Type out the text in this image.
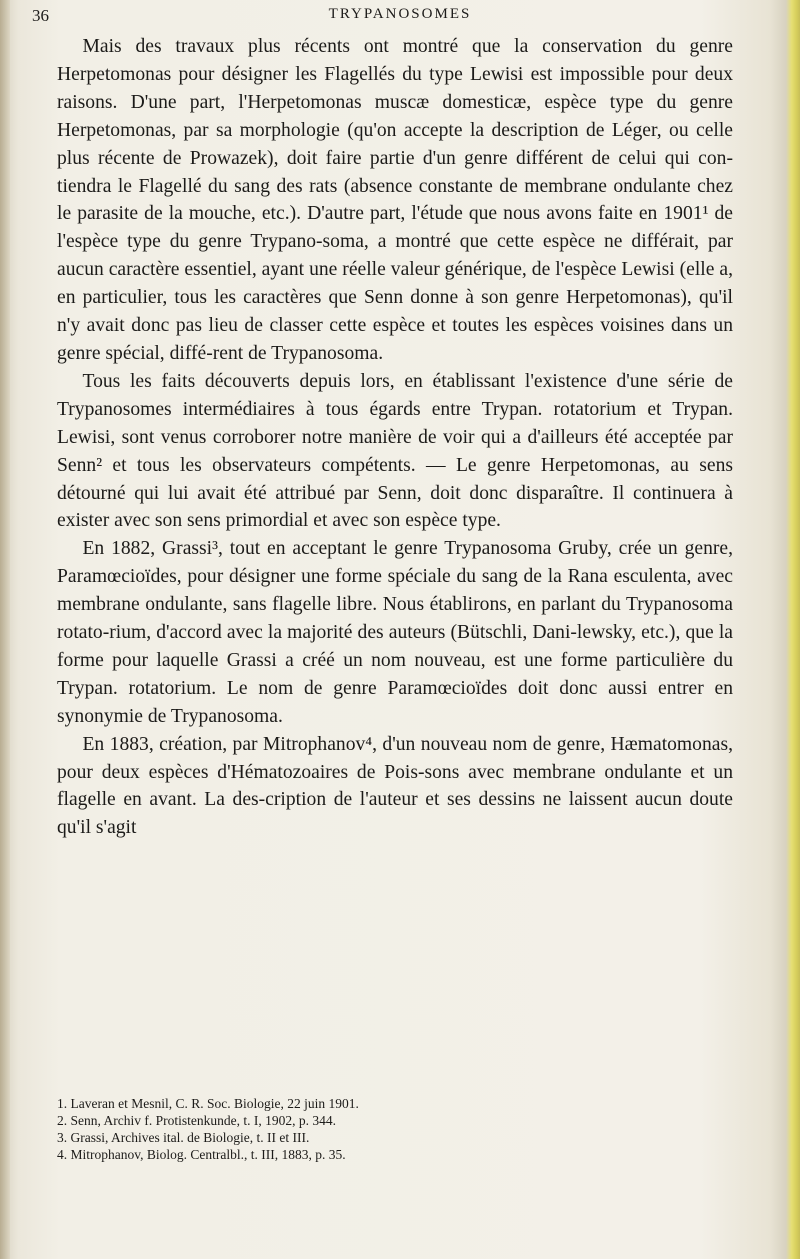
36	TRYPANOSOMES

Mais des travaux plus récents ont montré que la conservation du genre Herpetomonas pour désigner les Flagellés du type Lewisi est impossible pour deux raisons. D'une part, l'Herpetomonas muscæ domesticæ, espèce type du genre Herpetomonas, par sa morphologie (qu'on accepte la description de Léger, ou celle plus récente de Prowazek), doit faire partie d'un genre différent de celui qui con-tiendra le Flagellé du sang des rats (absence constante de membrane ondulante chez le parasite de la mouche, etc.). D'autre part, l'étude que nous avons faite en 1901¹ de l'espèce type du genre Trypano-soma, a montré que cette espèce ne différait, par aucun caractère essentiel, ayant une réelle valeur générique, de l'espèce Lewisi (elle a, en particulier, tous les caractères que Senn donne à son genre Herpetomonas), qu'il n'y avait donc pas lieu de classer cette espèce et toutes les espèces voisines dans un genre spécial, diffé-rent de Trypanosoma.

Tous les faits découverts depuis lors, en établissant l'existence d'une série de Trypanosomes intermédiaires à tous égards entre Trypan. rotatorium et Trypan. Lewisi, sont venus corroborer notre manière de voir qui a d'ailleurs été acceptée par Senn² et tous les observateurs compétents. — Le genre Herpetomonas, au sens détourné qui lui avait été attribué par Senn, doit donc disparaître. Il continuera à exister avec son sens primordial et avec son espèce type.

En 1882, Grassi³, tout en acceptant le genre Trypanosoma Gruby, crée un genre, Paramœcioïdes, pour désigner une forme spéciale du sang de la Rana esculenta, avec membrane ondulante, sans flagelle libre. Nous établirons, en parlant du Trypanosoma rotato-rium, d'accord avec la majorité des auteurs (Bütschli, Dani-lewsky, etc.), que la forme pour laquelle Grassi a créé un nom nouveau, est une forme particulière du Trypan. rotatorium. Le nom de genre Paramœcioïdes doit donc aussi entrer en synonymie de Trypanosoma.

En 1883, création, par Mitrophanov⁴, d'un nouveau nom de genre, Hæmatomonas, pour deux espèces d'Hématozoaires de Pois-sons avec membrane ondulante et un flagelle en avant. La des-cription de l'auteur et ses dessins ne laissent aucun doute qu'il s'agit

1. Laveran et Mesnil, C. R. Soc. Biologie, 22 juin 1901.
2. Senn, Archiv f. Protistenkunde, t. I, 1902, p. 344.
3. Grassi, Archives ital. de Biologie, t. II et III.
4. Mitrophanov, Biolog. Centralbl., t. III, 1883, p. 35.
